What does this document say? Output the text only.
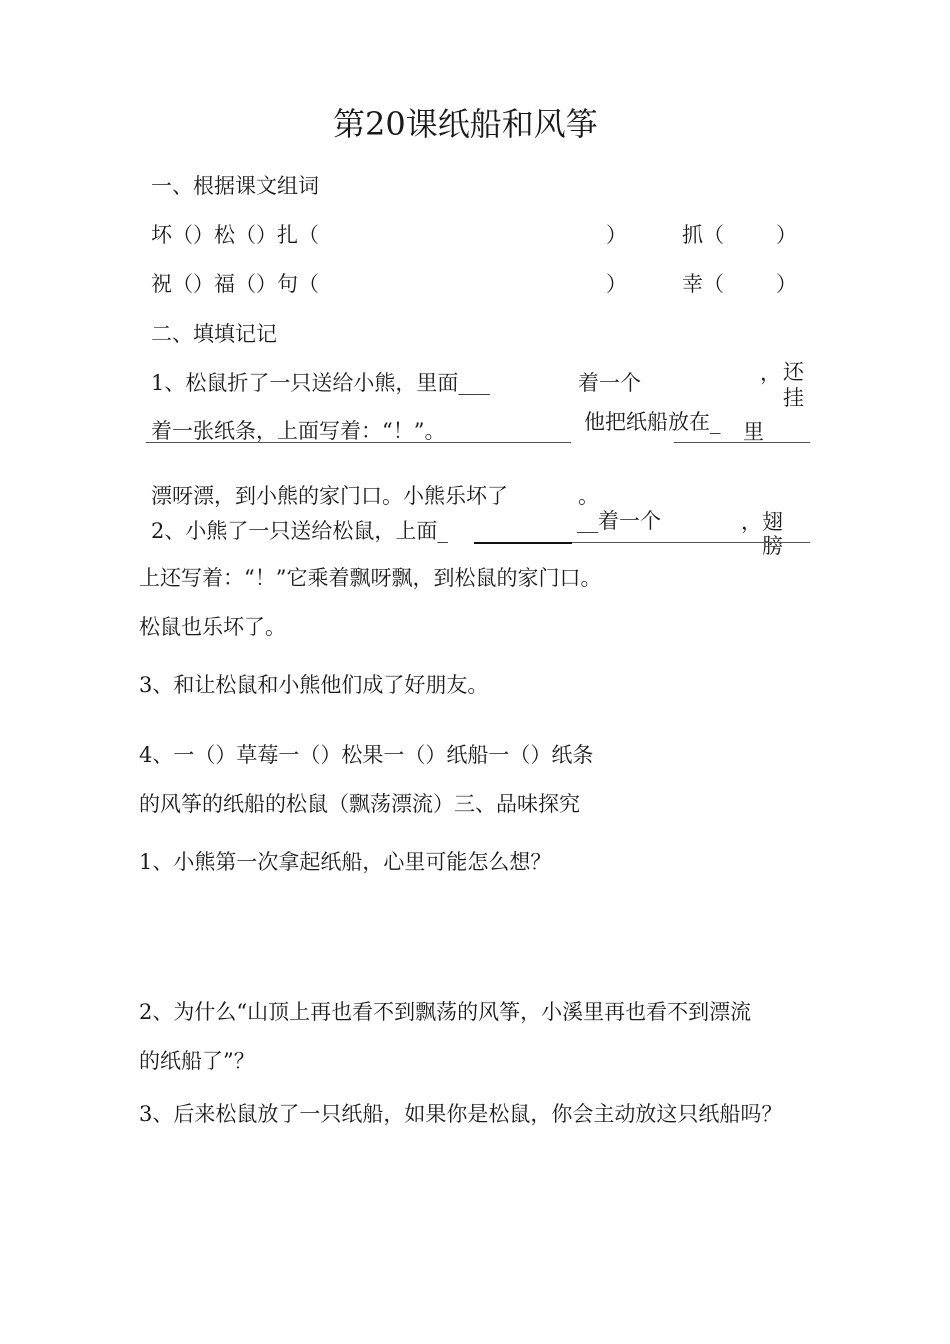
第20课纸船和风筝
一、根据课文组词
坏（）松（）扎（	）	抓（ ）
祝（）福（）句（	）	幸（ ）
二、填填记记
1、松鼠折了一只送给小熊，里面___	着一个	， 还
挂
着一张纸条，上面写着：“！”。	他把纸船放在_ 里
漂呀漂，到小熊的家门口。小熊乐坏了	。
2、小熊了一只送给松鼠，上面_	__着一个	，翅
膀
上还写着：“！”它乘着飘呀飘，到松鼠的家门口。
松鼠也乐坏了。
3、和让松鼠和小熊他们成了好朋友。
4、一（）草莓一（）松果一（）纸船一（）纸条
的风筝的纸船的松鼠（飘荡漂流）三、品味探究
1、小熊第一次拿起纸船，心里可能怎么想？
2、为什么“山顶上再也看不到飘荡的风筝，小溪里再也看不到漂流
的纸船了”？
3、后来松鼠放了一只纸船，如果你是松鼠，你会主动放这只纸船吗？
